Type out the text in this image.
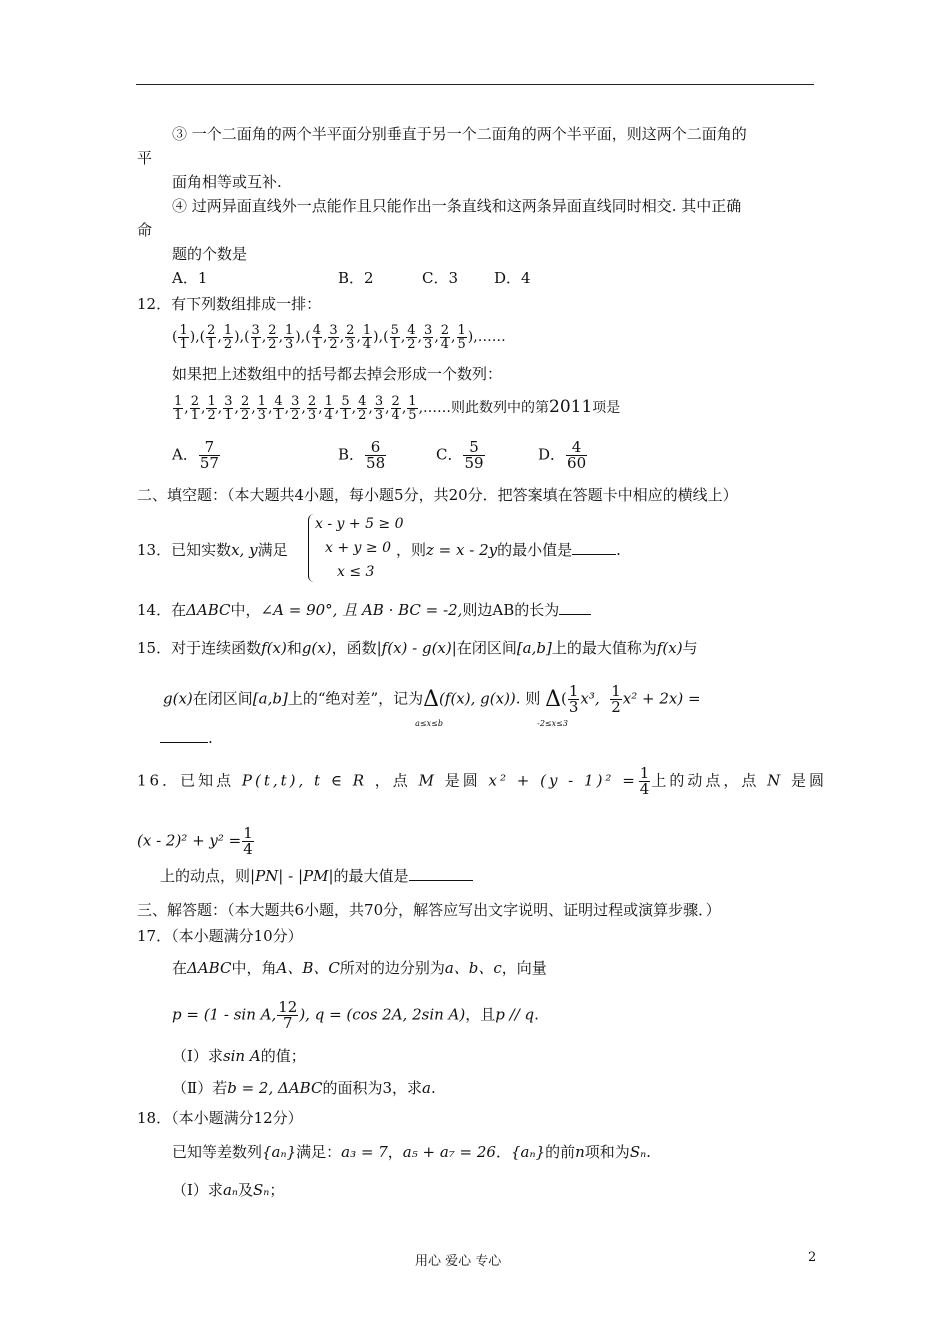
③ 一个二面角的两个半平面分别垂直于另一个二面角的两个半平面，则这两个二面角的
平
面角相等或互补.
④ 过两异面直线外一点能作且只能作出一条直线和这两条异面直线同时相交. 其中正确
命
题的个数是
A．1	B．2	C．3 D．4
12．有下列数组排成一排：
( $\frac{1}{1}$ ),( $\frac{2}{1}$ , $\frac{1}{2}$ ),( $\frac{3}{1}$ , $\frac{2}{2}$ , $\frac{1}{3}$ ),( $\frac{4}{1}$ , $\frac{3}{2}$ , $\frac{2}{3}$ , $\frac{1}{4}$ ),( $\frac{5}{1}$ , $\frac{4}{2}$ , $\frac{3}{3}$ , $\frac{2}{4}$ , $\frac{1}{5}$ ),……
如果把上述数组中的括号都去掉会形成一个数列：
$\frac{1}{1}$ , $\frac{2}{1}$ , $\frac{1}{2}$ , $\frac{3}{1}$ , $\frac{2}{2}$ , $\frac{1}{3}$ , $\frac{4}{1}$ , $\frac{3}{2}$ , $\frac{2}{3}$ , $\frac{1}{4}$ , $\frac{5}{1}$ , $\frac{4}{2}$ , $\frac{3}{3}$ , $\frac{2}{4}$ , $\frac{1}{5}$ ,……则此数列中的第2011项是
A． $\frac{7}{57}$	B． $\frac{6}{58}$	C． $\frac{5}{59}$	D． $\frac{4}{60}$
二、填空题：（本大题共4小题，每小题5分，共20分．把答案填在答题卡中相应的横线上）
13．已知实数x, y满足
x - y + 5 ≥ 0
x + y ≥ 0
x ≤ 3
，则z = x - 2y的最小值是	.
14．在ΔABC中，∠A = 90°, 且 AB · BC = -2,则边AB的长为
15．对于连续函数f(x)和g(x)，函数|f(x) - g(x)|在闭区间[a,b]上的最大值称为f(x)与
g(x)在闭区间[a,b]上的“绝对差”，记为Δ
a≤x≤b
(f(x), g(x)). 则 Δ
-2≤x≤3
( $\frac{1}{3} x^3$, $\frac{1}{2} x^2 + 2x$) =
.
16．已知点 P(t,t), t ∈ R ，点 M 是圆 $x^2 + (y - 1)^2 = \frac{1}{4}$ 上的动点，点 N 是圆
$(x - 2)^2 + y^2 = \frac{1}{4}$
上的动点，则|PN| - |PM|的最大值是
三、解答题：（本大题共6小题，共70分，解答应写出文字说明、证明过程或演算步骤．）
17．（本小题满分10分）
在ΔABC中，角A、B、C所对的边分别为a、b、c，向量
p = (1 - sin A, $\frac{12}{7}$ ), q = (cos 2A, 2sin A)，且p // q.
（Ⅰ）求sin A的值；
（Ⅱ）若b = 2, ΔABC的面积为3，求a.
18．（本小题满分12分）
已知等差数列{aₙ}满足：a₃ = 7，a₅ + a₇ = 26．{aₙ}的前n项和为Sₙ.
（Ⅰ）求aₙ及Sₙ；
用心 爱心 专心	2
